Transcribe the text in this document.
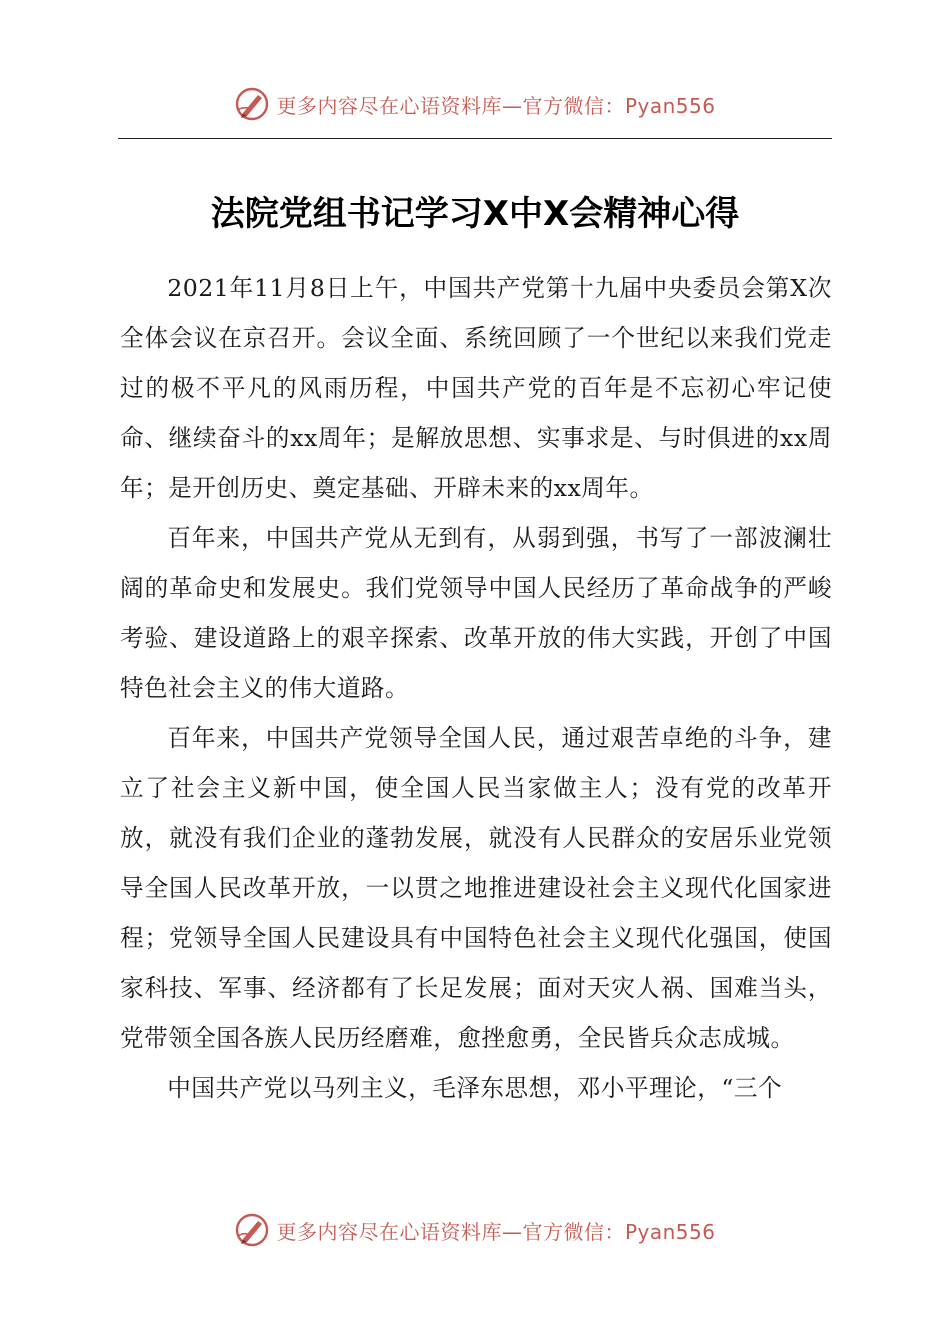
更多内容尽在心语资料库—官方微信：Pyan556
法院党组书记学习X中X会精神心得

2021年11月8日上午，中国共产党第十九届中央委员会第X次全体会议在京召开。会议全面、系统回顾了一个世纪以来我们党走过的极不平凡的风雨历程，中国共产党的百年是不忘初心牢记使命、继续奋斗的xx周年；是解放思想、实事求是、与时俱进的xx周年；是开创历史、奠定基础、开辟未来的xx周年。

百年来，中国共产党从无到有，从弱到强，书写了一部波澜壮阔的革命史和发展史。我们党领导中国人民经历了革命战争的严峻考验、建设道路上的艰辛探索、改革开放的伟大实践，开创了中国特色社会主义的伟大道路。

百年来，中国共产党领导全国人民，通过艰苦卓绝的斗争，建立了社会主义新中国，使全国人民当家做主人；没有党的改革开放，就没有我们企业的蓬勃发展，就没有人民群众的安居乐业党领导全国人民改革开放，一以贯之地推进建设社会主义现代化国家进程；党领导全国人民建设具有中国特色社会主义现代化强国，使国家科技、军事、经济都有了长足发展；面对天灾人祸、国难当头，党带领全国各族人民历经磨难，愈挫愈勇，全民皆兵众志成城。

中国共产党以马列主义，毛泽东思想，邓小平理论，“三个

更多内容尽在心语资料库—官方微信：Pyan556
